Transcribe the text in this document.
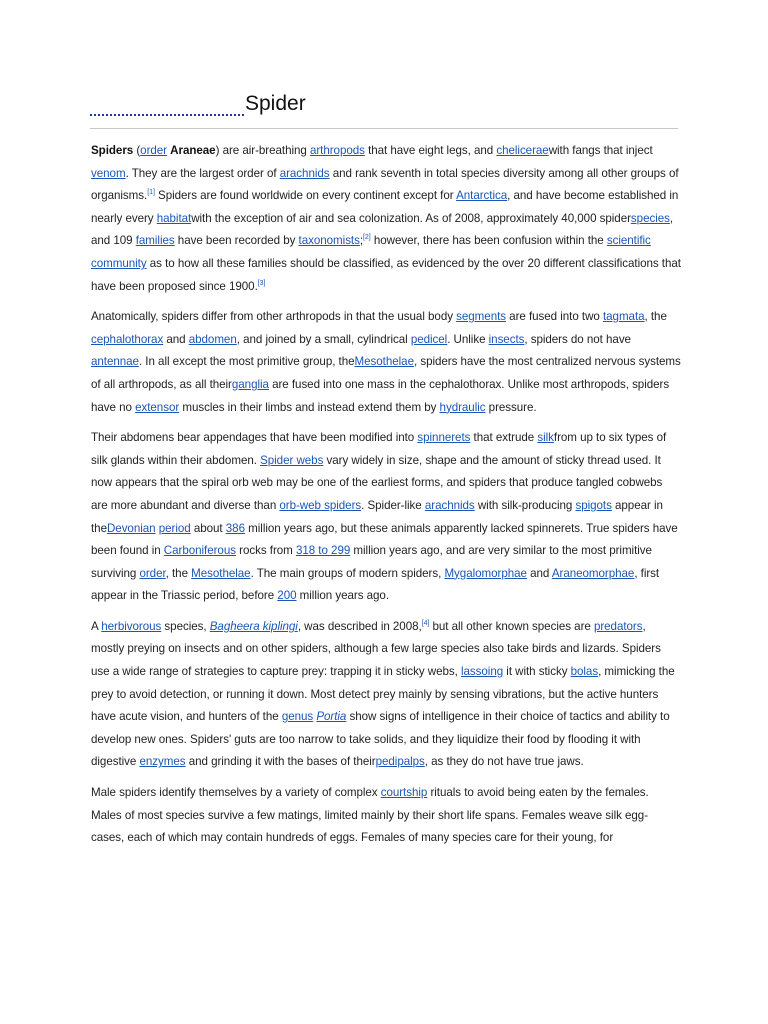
Spider

Spiders (order Araneae) are air-breathing arthropods that have eight legs, and cheliceraewith fangs that inject venom. They are the largest order of arachnids and rank seventh in total species diversity among all other groups of organisms.[1] Spiders are found worldwide on every continent except for Antarctica, and have become established in nearly every habitatwith the exception of air and sea colonization. As of 2008, approximately 40,000 spiderspecies, and 109 families have been recorded by taxonomists;[2] however, there has been confusion within the scientific community as to how all these families should be classified, as evidenced by the over 20 different classifications that have been proposed since 1900.[3]

Anatomically, spiders differ from other arthropods in that the usual body segments are fused into two tagmata, the cephalothorax and abdomen, and joined by a small, cylindrical pedicel. Unlike insects, spiders do not have antennae. In all except the most primitive group, theMesothelae, spiders have the most centralized nervous systems of all arthropods, as all theirganglia are fused into one mass in the cephalothorax. Unlike most arthropods, spiders have no extensor muscles in their limbs and instead extend them by hydraulic pressure.

Their abdomens bear appendages that have been modified into spinnerets that extrude silkfrom up to six types of silk glands within their abdomen. Spider webs vary widely in size, shape and the amount of sticky thread used. It now appears that the spiral orb web may be one of the earliest forms, and spiders that produce tangled cobwebs are more abundant and diverse than orb-web spiders. Spider-like arachnids with silk-producing spigots appear in theDevonian period about 386 million years ago, but these animals apparently lacked spinnerets. True spiders have been found in Carboniferous rocks from 318 to 299 million years ago, and are very similar to the most primitive surviving order, the Mesothelae. The main groups of modern spiders, Mygalomorphae and Araneomorphae, first appear in the Triassic period, before 200 million years ago.

A herbivorous species, Bagheera kiplingi, was described in 2008,[4] but all other known species are predators, mostly preying on insects and on other spiders, although a few large species also take birds and lizards. Spiders use a wide range of strategies to capture prey: trapping it in sticky webs, lassoing it with sticky bolas, mimicking the prey to avoid detection, or running it down. Most detect prey mainly by sensing vibrations, but the active hunters have acute vision, and hunters of the genus Portia show signs of intelligence in their choice of tactics and ability to develop new ones. Spiders' guts are too narrow to take solids, and they liquidize their food by flooding it with digestive enzymes and grinding it with the bases of theirpedipalps, as they do not have true jaws.

Male spiders identify themselves by a variety of complex courtship rituals to avoid being eaten by the females. Males of most species survive a few matings, limited mainly by their short life spans. Females weave silk egg-cases, each of which may contain hundreds of eggs. Females of many species care for their young, for
